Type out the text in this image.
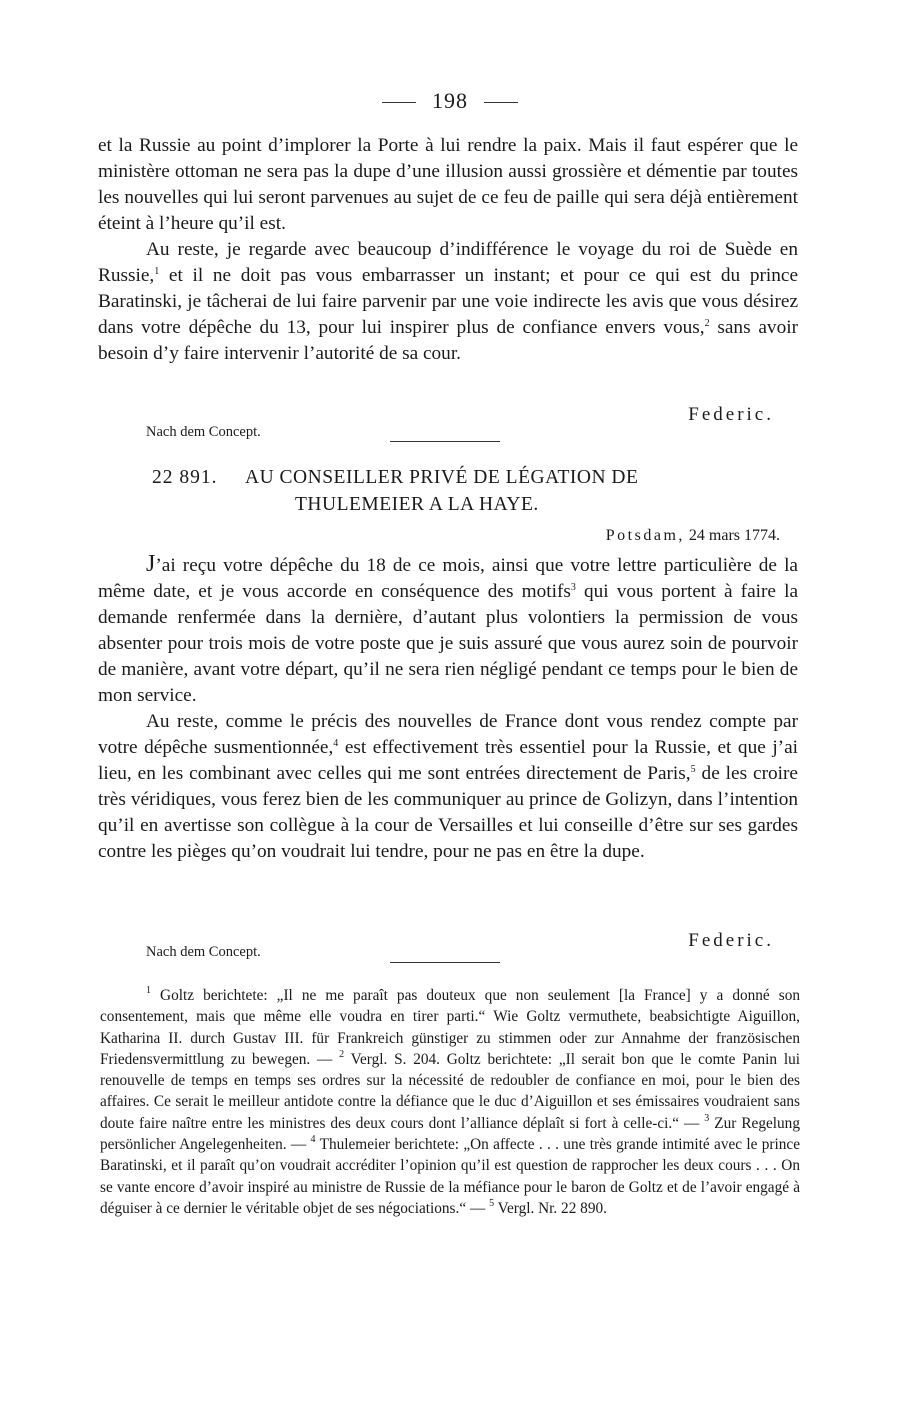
198

et la Russie au point d’implorer la Porte à lui rendre la paix. Mais il faut espérer que le ministère ottoman ne sera pas la dupe d’une illusion aussi grossière et démentie par toutes les nouvelles qui lui seront parvenues au sujet de ce feu de paille qui sera déjà entièrement éteint à l’heure qu’il est.

Au reste, je regarde avec beaucoup d’indifférence le voyage du roi de Suède en Russie,$^1$ et il ne doit pas vous embarrasser un instant; et pour ce qui est du prince Baratinski, je tâcherai de lui faire parvenir par une voie indirecte les avis que vous désirez dans votre dépêche du 13, pour lui inspirer plus de confiance envers vous,$^2$ sans avoir besoin d’y faire intervenir l’autorité de sa cour.

Federic.
Nach dem Concept.
22 891. AU CONSEILLER PRIVÉ DE LÉGATION DE
THULEMEIER A LA HAYE.
Potsdam, 24 mars 1774.

J’ai reçu votre dépêche du 18 de ce mois, ainsi que votre lettre particulière de la même date, et je vous accorde en conséquence des motifs$^3$ qui vous portent à faire la demande renfermée dans la dernière, d’autant plus volontiers la permission de vous absenter pour trois mois de votre poste que je suis assuré que vous aurez soin de pourvoir de manière, avant votre départ, qu’il ne sera rien négligé pendant ce temps pour le bien de mon service.

Au reste, comme le précis des nouvelles de France dont vous rendez compte par votre dépêche susmentionnée,$^4$ est effectivement très essentiel pour la Russie, et que j’ai lieu, en les combinant avec celles qui me sont entrées directement de Paris,$^5$ de les croire très véridiques, vous ferez bien de les communiquer au prince de Golizyn, dans l’intention qu’il en avertisse son collègue à la cour de Versailles et lui conseille d’être sur ses gardes contre les pièges qu’on voudrait lui tendre, pour ne pas en être la dupe.

Federic.
Nach dem Concept.

$^1$ Goltz berichtete: „Il ne me paraît pas douteux que non seulement [la France] y a donné son consentement, mais que même elle voudra en tirer parti.“ Wie Goltz vermuthete, beabsichtigte Aiguillon, Katharina II. durch Gustav III. für Frankreich günstiger zu stimmen oder zur Annahme der französischen Friedensvermittlung zu bewegen. — $^2$ Vergl. S. 204. Goltz berichtete: „Il serait bon que le comte Panin lui renouvelle de temps en temps ses ordres sur la nécessité de redoubler de confiance en moi, pour le bien des affaires. Ce serait le meilleur antidote contre la défiance que le duc d’Aiguillon et ses émissaires voudraient sans doute faire naître entre les ministres des deux cours dont l’alliance déplaît si fort à celle-ci.“ — $^3$ Zur Regelung persönlicher Angelegenheiten. — $^4$ Thulemeier berichtete: „On affecte . . . une très grande intimité avec le prince Baratinski, et il paraît qu’on voudrait accréditer l’opinion qu’il est question de rapprocher les deux cours . . . On se vante encore d’avoir inspiré au ministre de Russie de la méfiance pour le baron de Goltz et de l’avoir engagé à déguiser à ce dernier le véritable objet de ses négociations.“ — $^5$ Vergl. Nr. 22 890.
